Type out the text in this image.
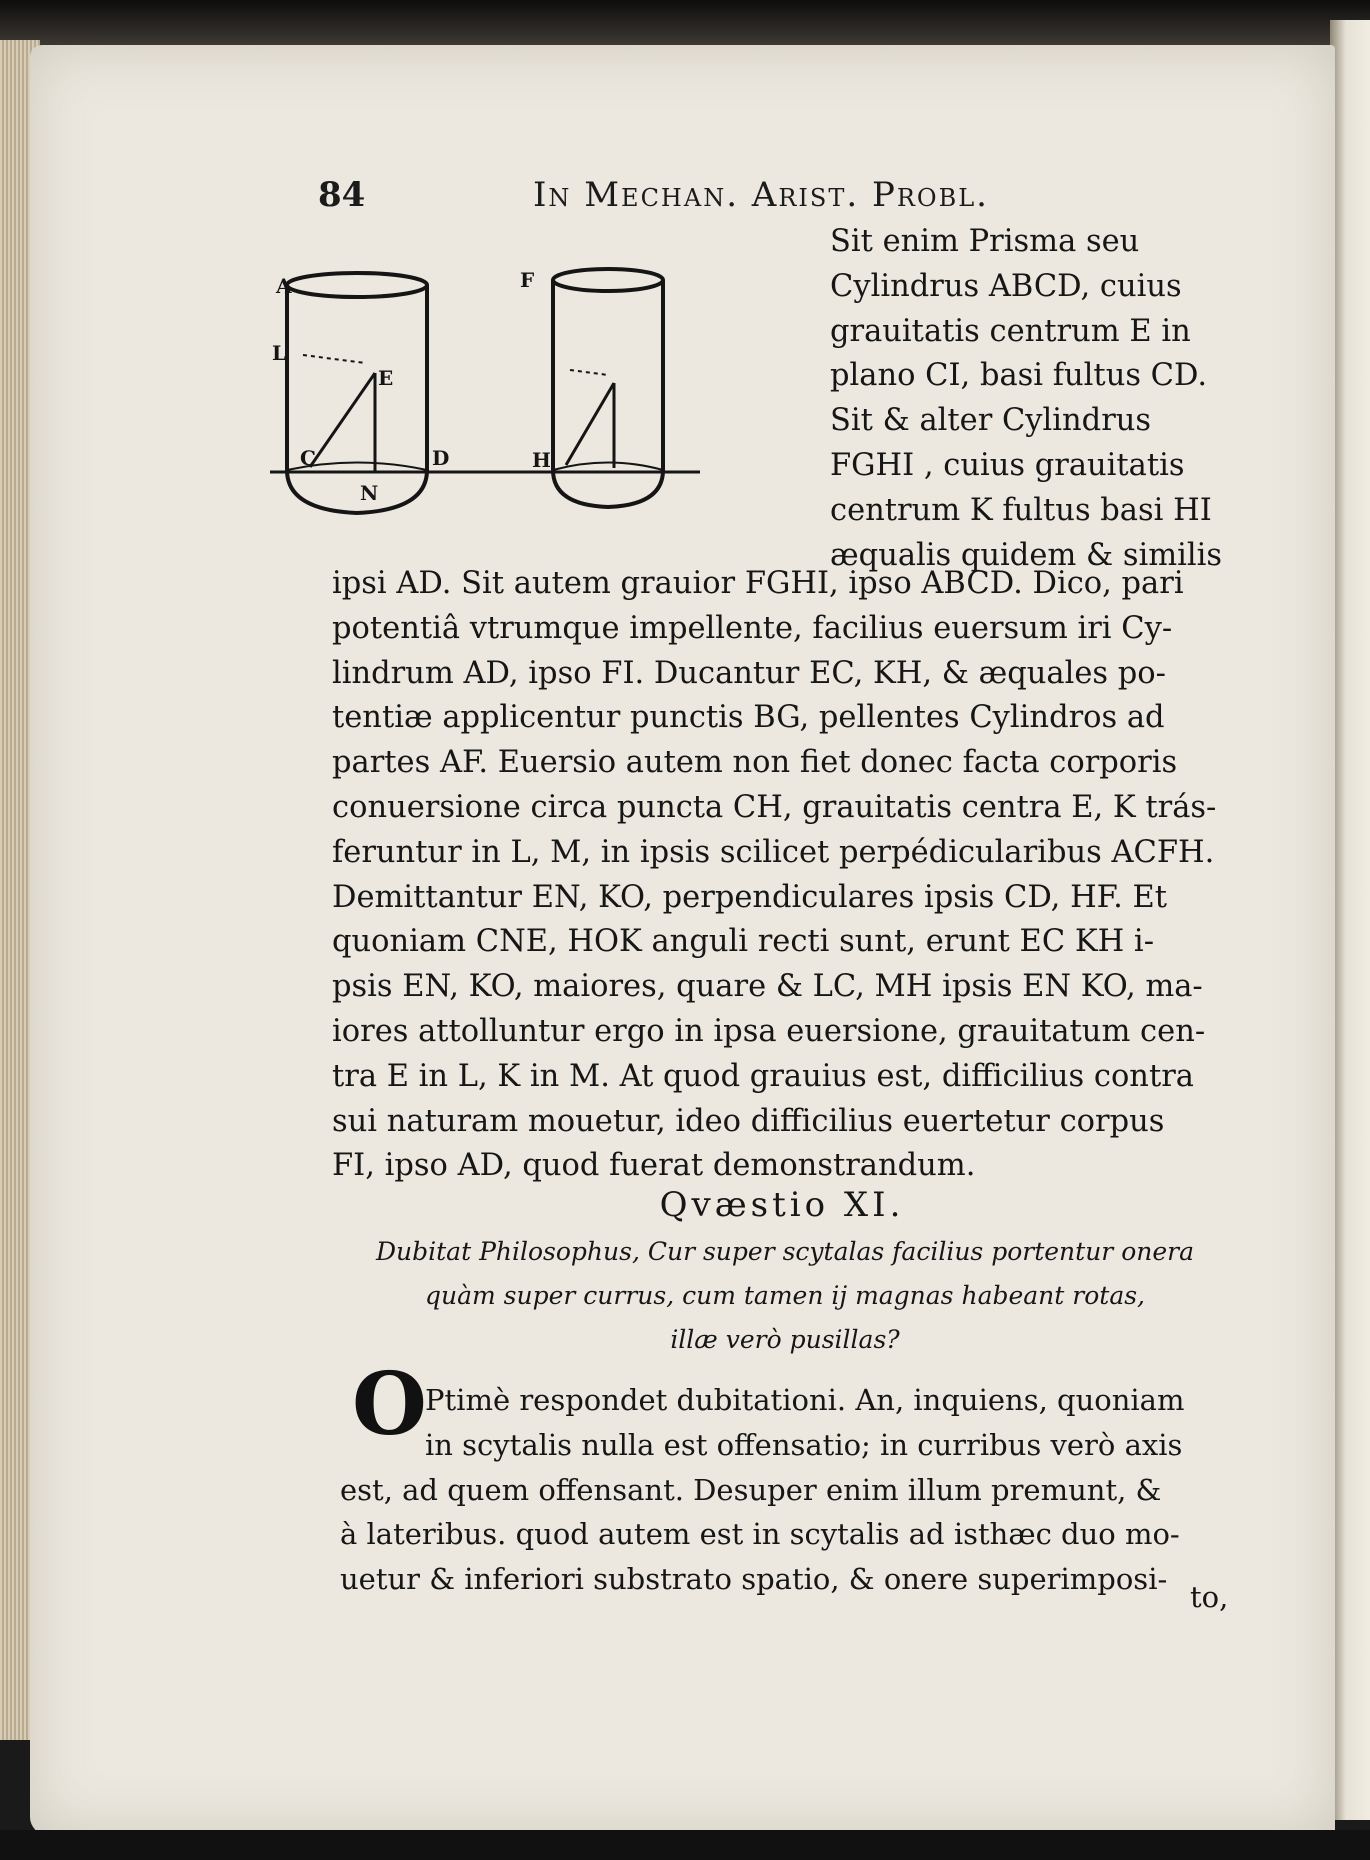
84	In Mechan. Arist. Probl.
A
L
E
C	D
N
F
H
Sit enim Prisma seu
Cylindrus ABCD, cuius
grauitatis centrum E in
plano CI, basi fultus CD.
Sit & alter Cylindrus
FGHI , cuius grauitatis
centrum K fultus basi HI
æqualis quidem & similis
ipsi AD. Sit autem grauior FGHI, ipso ABCD. Dico, pari
potentiâ vtrumque impellente, facilius euersum iri Cy-
lindrum AD, ipso FI. Ducantur EC, KH, & æquales po-
tentiæ applicentur punctis BG, pellentes Cylindros ad
partes AF. Euersio autem non fiet donec facta corporis
conuersione circa puncta CH, grauitatis centra E, K trás-
feruntur in L, M, in ipsis scilicet perpédicularibus ACFH.
Demittantur EN, KO, perpendiculares ipsis CD, HF. Et
quoniam CNE, HOK anguli recti sunt, erunt EC KH i-
psis EN, KO, maiores, quare & LC, MH ipsis EN KO, ma-
iores attolluntur ergo in ipsa euersione, grauitatum cen-
tra E in L, K in M. At quod grauius est, difficilius contra
sui naturam mouetur, ideo difficilius euertetur corpus
FI, ipso AD, quod fuerat demonstrandum.
Qvæstio XI.
Dubitat Philosophus, Cur super scytalas facilius portentur onera
quàm super currus, cum tamen ij magnas habeant rotas,
illæ verò pusillas?
O
Ptimè respondet dubitationi. An, inquiens, quoniam
in scytalis nulla est offensatio; in curribus verò axis
est, ad quem offensant. Desuper enim illum premunt, &
à lateribus. quod autem est in scytalis ad isthæc duo mo-
uetur & inferiori substrato spatio, & onere superimposi-
to,
